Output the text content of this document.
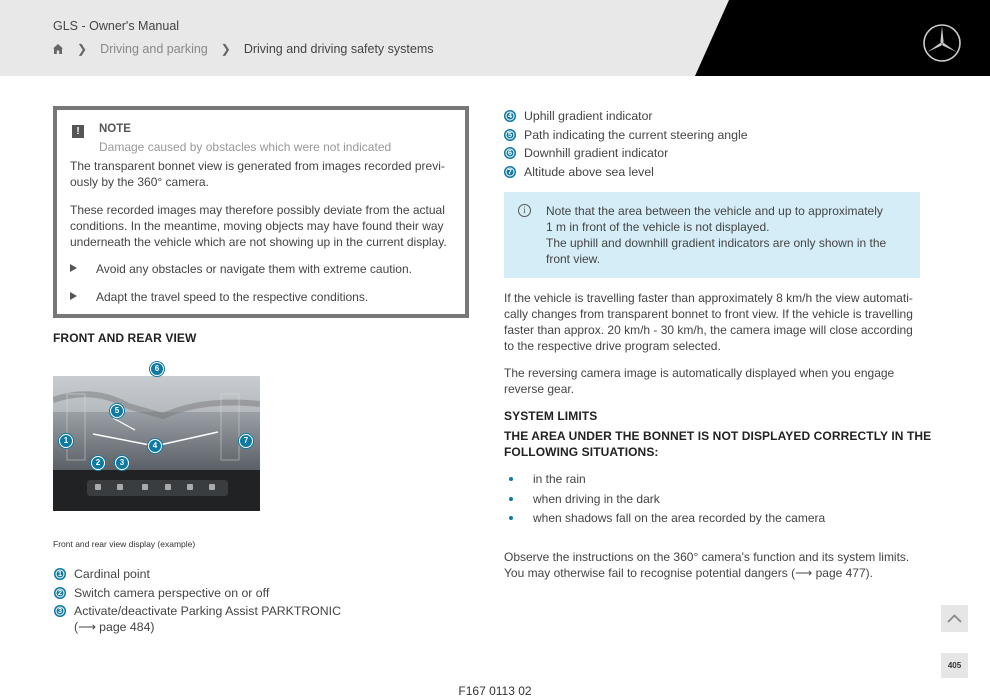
GLS - Owner's Manual
❯ Driving and parking ❯ Driving and driving safety systems
!	NOTE
Damage caused by obstacles which were not indicated
The transparent bonnet view is generated from images recorded previ-ously by the 360° camera.
These recorded images may therefore possibly deviate from the actual conditions. In the meantime, moving objects may have found their way underneath the vehicle which are not showing up in the current display.
Avoid any obstacles or navigate them with extreme caution.
Adapt the travel speed to the respective conditions.
FRONT AND REAR VIEW
6
5
1
4
7
2	3
Front and rear view display (example)
1 Cardinal point
2 Switch camera perspective on or off
3 Activate/deactivate Parking Assist PARKTRONIC
(⟶ page 484)
4 Uphill gradient indicator
5 Path indicating the current steering angle
6 Downhill gradient indicator
7 Altitude above sea level
i	Note that the area between the vehicle and up to approximately
1 m in front of the vehicle is not displayed.
The uphill and downhill gradient indicators are only shown in the
front view.
If the vehicle is travelling faster than approximately 8 km/h the view automati-
cally changes from transparent bonnet to front view. If the vehicle is travelling
faster than approx. 20 km/h - 30 km/h, the camera image will close according
to the respective drive program selected.
The reversing camera image is automatically displayed when you engage
reverse gear.
SYSTEM LIMITS
THE AREA UNDER THE BONNET IS NOT DISPLAYED CORRECTLY IN THE
FOLLOWING SITUATIONS:
in the rain
when driving in the dark
when shadows fall on the area recorded by the camera
Observe the instructions on the 360° camera's function and its system limits.
You may otherwise fail to recognise potential dangers (⟶ page 477).
405
F167 0113 02
